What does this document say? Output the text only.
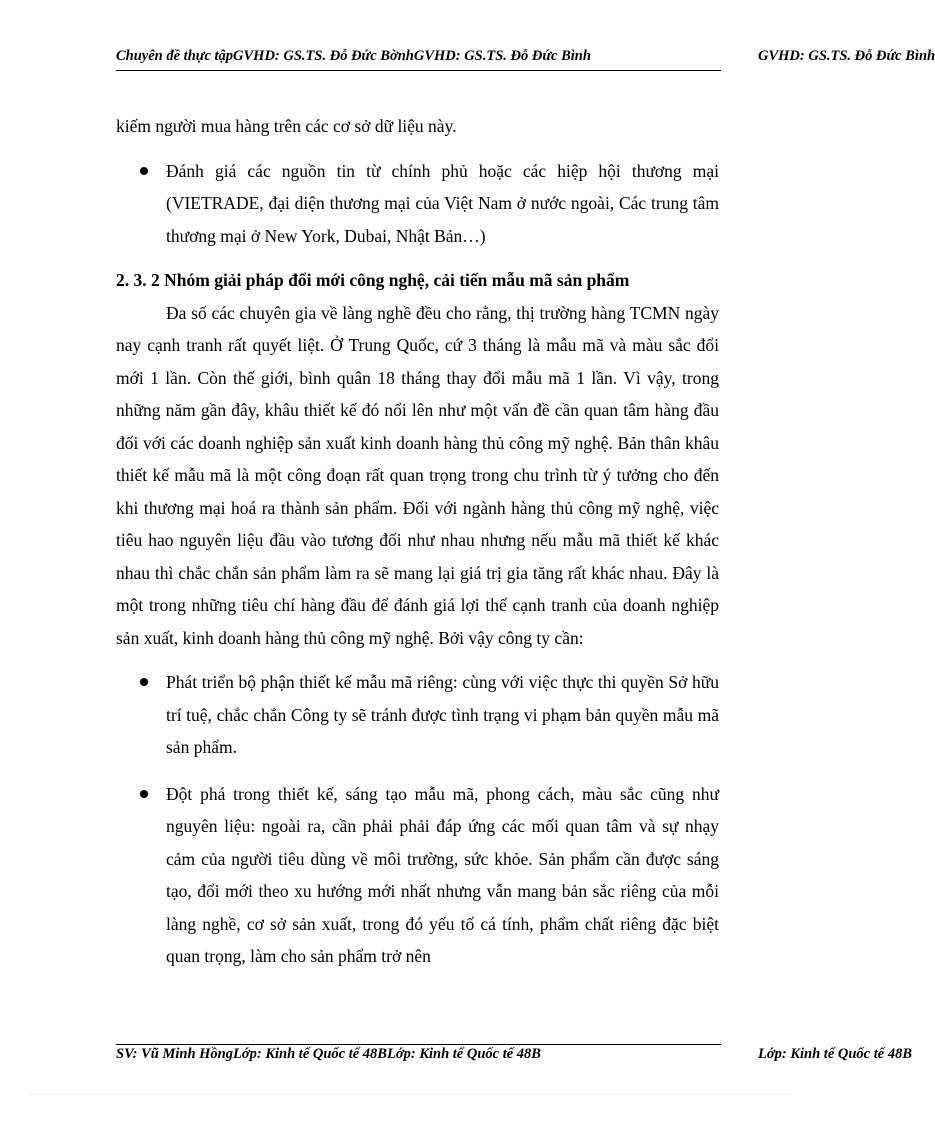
Chuyên đề thực tậpGVHD: GS.TS. Đỗ Đức BờnhGVHD: GS.TS. Đỗ Đức Bình	GVHD: GS.TS. Đỗ Đức Bình

kiếm người mua hàng trên các cơ sở dữ liệu này.

Đánh giá các nguồn tin từ chính phủ hoặc các hiệp hội thương mại (VIETRADE, đại diện thương mại của Việt Nam ở nước ngoài, Các trung tâm thương mại ở New York, Dubai, Nhật Bản…)

2. 3. 2 Nhóm giải pháp đổi mới công nghệ, cải tiến mẫu mã sản phẩm

Đa số các chuyên gia về làng nghề đều cho rằng, thị trường hàng TCMN ngày nay cạnh tranh rất quyết liệt. Ở Trung Quốc, cứ 3 tháng là mẫu mã và màu sắc đổi mới 1 lần. Còn thế giới, bình quân 18 tháng thay đổi mẫu mã 1 lần. Vì vậy, trong những năm gần đây, khâu thiết kế đó nổi lên như một vấn đề cần quan tâm hàng đầu đối với các doanh nghiệp sản xuất kinh doanh hàng thủ công mỹ nghệ. Bản thân khâu thiết kế mẫu mã là một công đoạn rất quan trọng trong chu trình từ ý tưởng cho đến khi thương mại hoá ra thành sản phẩm. Đối với ngành hàng thủ công mỹ nghệ, việc tiêu hao nguyên liệu đầu vào tương đối như nhau nhưng nếu mẫu mã thiết kế khác nhau thì chắc chắn sản phẩm làm ra sẽ mang lại giá trị gia tăng rất khác nhau. Đây là một trong những tiêu chí hàng đầu để đánh giá lợi thế cạnh tranh của doanh nghiệp sản xuất, kinh doanh hàng thủ công mỹ nghệ. Bởi vậy công ty cần:

Phát triển bộ phận thiết kế mẫu mã riêng: cùng với việc thực thi quyền Sở hữu trí tuệ, chắc chắn Công ty sẽ tránh được tình trạng vi phạm bản quyền mẫu mã sản phẩm.
Đột phá trong thiết kế, sáng tạo mẫu mã, phong cách, màu sắc cũng như nguyên liệu: ngoài ra, cần phải phải đáp ứng các mối quan tâm và sự nhạy cảm của người tiêu dùng về môi trường, sức khỏe. Sản phẩm cần được sáng tạo, đổi mới theo xu hướng mới nhất nhưng vẫn mang bản sắc riêng của mỗi làng nghề, cơ sở sản xuất, trong đó yếu tố cá tính, phẩm chất riêng đặc biệt quan trọng, làm cho sản phẩm trở nên
SV: Vũ Minh HồngLớp: Kinh tế Quốc tế 48BLớp: Kinh tế Quốc tế 48B	Lớp: Kinh tế Quốc tế 48B
